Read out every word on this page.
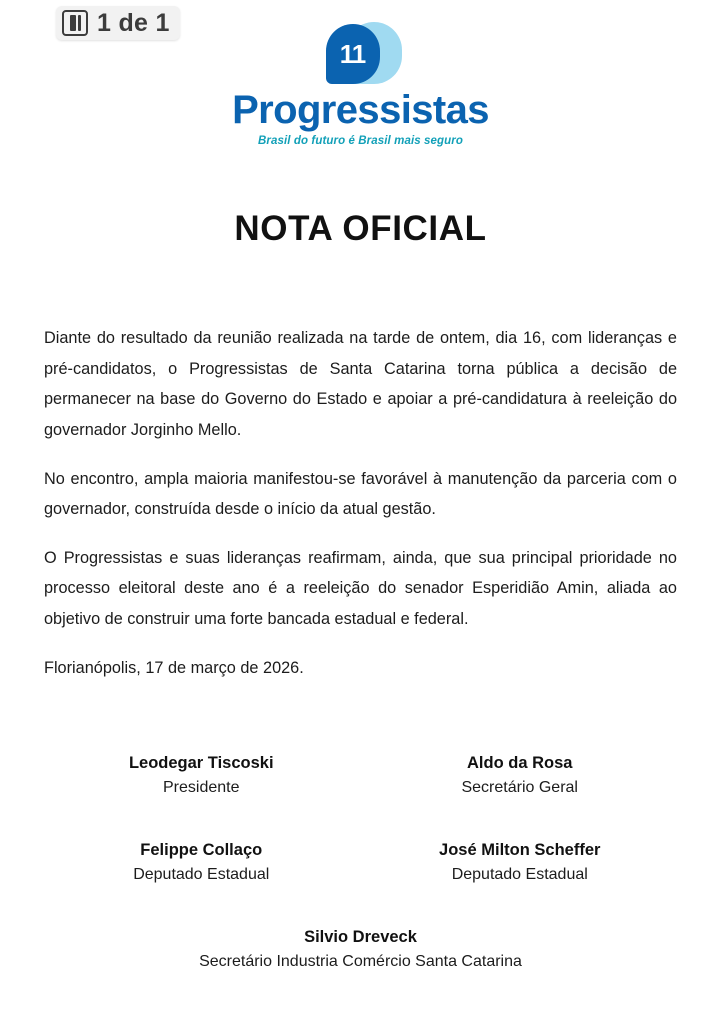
1 de 1
11
Progressistas
Brasil do futuro é Brasil mais seguro
NOTA OFICIAL

Diante do resultado da reunião realizada na tarde de ontem, dia 16, com lideranças e pré-candidatos, o Progressistas de Santa Catarina torna pública a decisão de permanecer na base do Governo do Estado e apoiar a pré-candidatura à reeleição do governador Jorginho Mello.

No encontro, ampla maioria manifestou-se favorável à manutenção da parceria com o governador, construída desde o início da atual gestão.

O Progressistas e suas lideranças reafirmam, ainda, que sua principal prioridade no processo eleitoral deste ano é a reeleição do senador Esperidião Amin, aliada ao objetivo de construir uma forte bancada estadual e federal.

Florianópolis, 17 de março de 2026.

Leodegar Tiscoski
Presidente
Aldo da Rosa
Secretário Geral
Felippe Collaço
Deputado Estadual
José Milton Scheffer
Deputado Estadual
Silvio Dreveck
Secretário Industria Comércio Santa Catarina
